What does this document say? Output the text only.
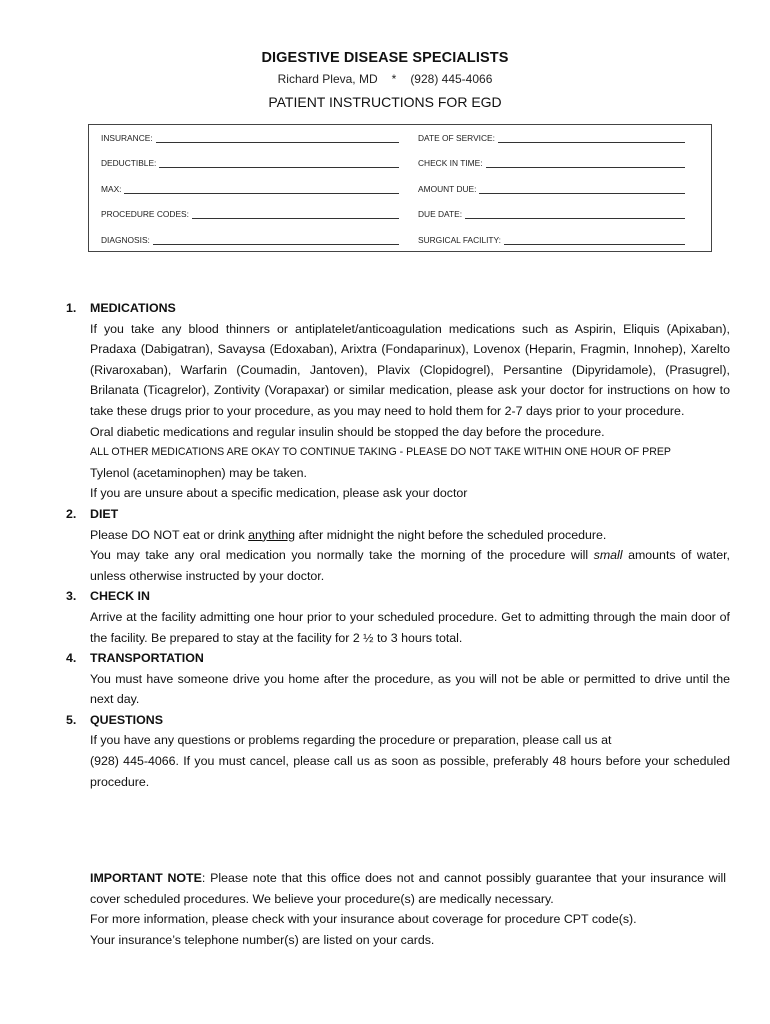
DIGESTIVE DISEASE SPECIALISTS
Richard Pleva, MD * (928) 445-4066
PATIENT INSTRUCTIONS FOR EGD
INSURANCE:	DATE OF SERVICE:
DEDUCTIBLE:	CHECK IN TIME:
MAX:	AMOUNT DUE:
PROCEDURE CODES:	DUE DATE:
DIAGNOSIS:	SURGICAL FACILITY:
1.	MEDICATIONS
If you take any blood thinners or antiplatelet/anticoagulation medications such as Aspirin, Eliquis (Apixaban), Pradaxa (Dabigatran), Savaysa (Edoxaban), Arixtra (Fondaparinux), Lovenox (Heparin, Fragmin, Innohep), Xarelto (Rivaroxaban), Warfarin (Coumadin, Jantoven), Plavix (Clopidogrel), Persantine (Dipyridamole), (Prasugrel), Brilanata (Ticagrelor), Zontivity (Vorapaxar) or similar medication, please ask your doctor for instructions on how to take these drugs prior to your procedure, as you may need to hold them for 2-7 days prior to your procedure.
Oral diabetic medications and regular insulin should be stopped the day before the procedure.
ALL OTHER MEDICATIONS ARE OKAY TO CONTINUE TAKING - PLEASE DO NOT TAKE WITHIN ONE HOUR OF PREP
Tylenol (acetaminophen) may be taken.
If you are unsure about a specific medication, please ask your doctor
2.	DIET
Please DO NOT eat or drink anything after midnight the night before the scheduled procedure.
You may take any oral medication you normally take the morning of the procedure will small amounts of water, unless otherwise instructed by your doctor.
3.	CHECK IN
Arrive at the facility admitting one hour prior to your scheduled procedure. Get to admitting through the main door of the facility. Be prepared to stay at the facility for 2 ½ to 3 hours total.
4.	TRANSPORTATION
You must have someone drive you home after the procedure, as you will not be able or permitted to drive until the next day.
5.	QUESTIONS
If you have any questions or problems regarding the procedure or preparation, please call us at
(928) 445-4066. If you must cancel, please call us as soon as possible, preferably 48 hours before your scheduled procedure.
IMPORTANT NOTE: Please note that this office does not and cannot possibly guarantee that your insurance will cover scheduled procedures. We believe your procedure(s) are medically necessary.
For more information, please check with your insurance about coverage for procedure CPT code(s).
Your insurance’s telephone number(s) are listed on your cards.
